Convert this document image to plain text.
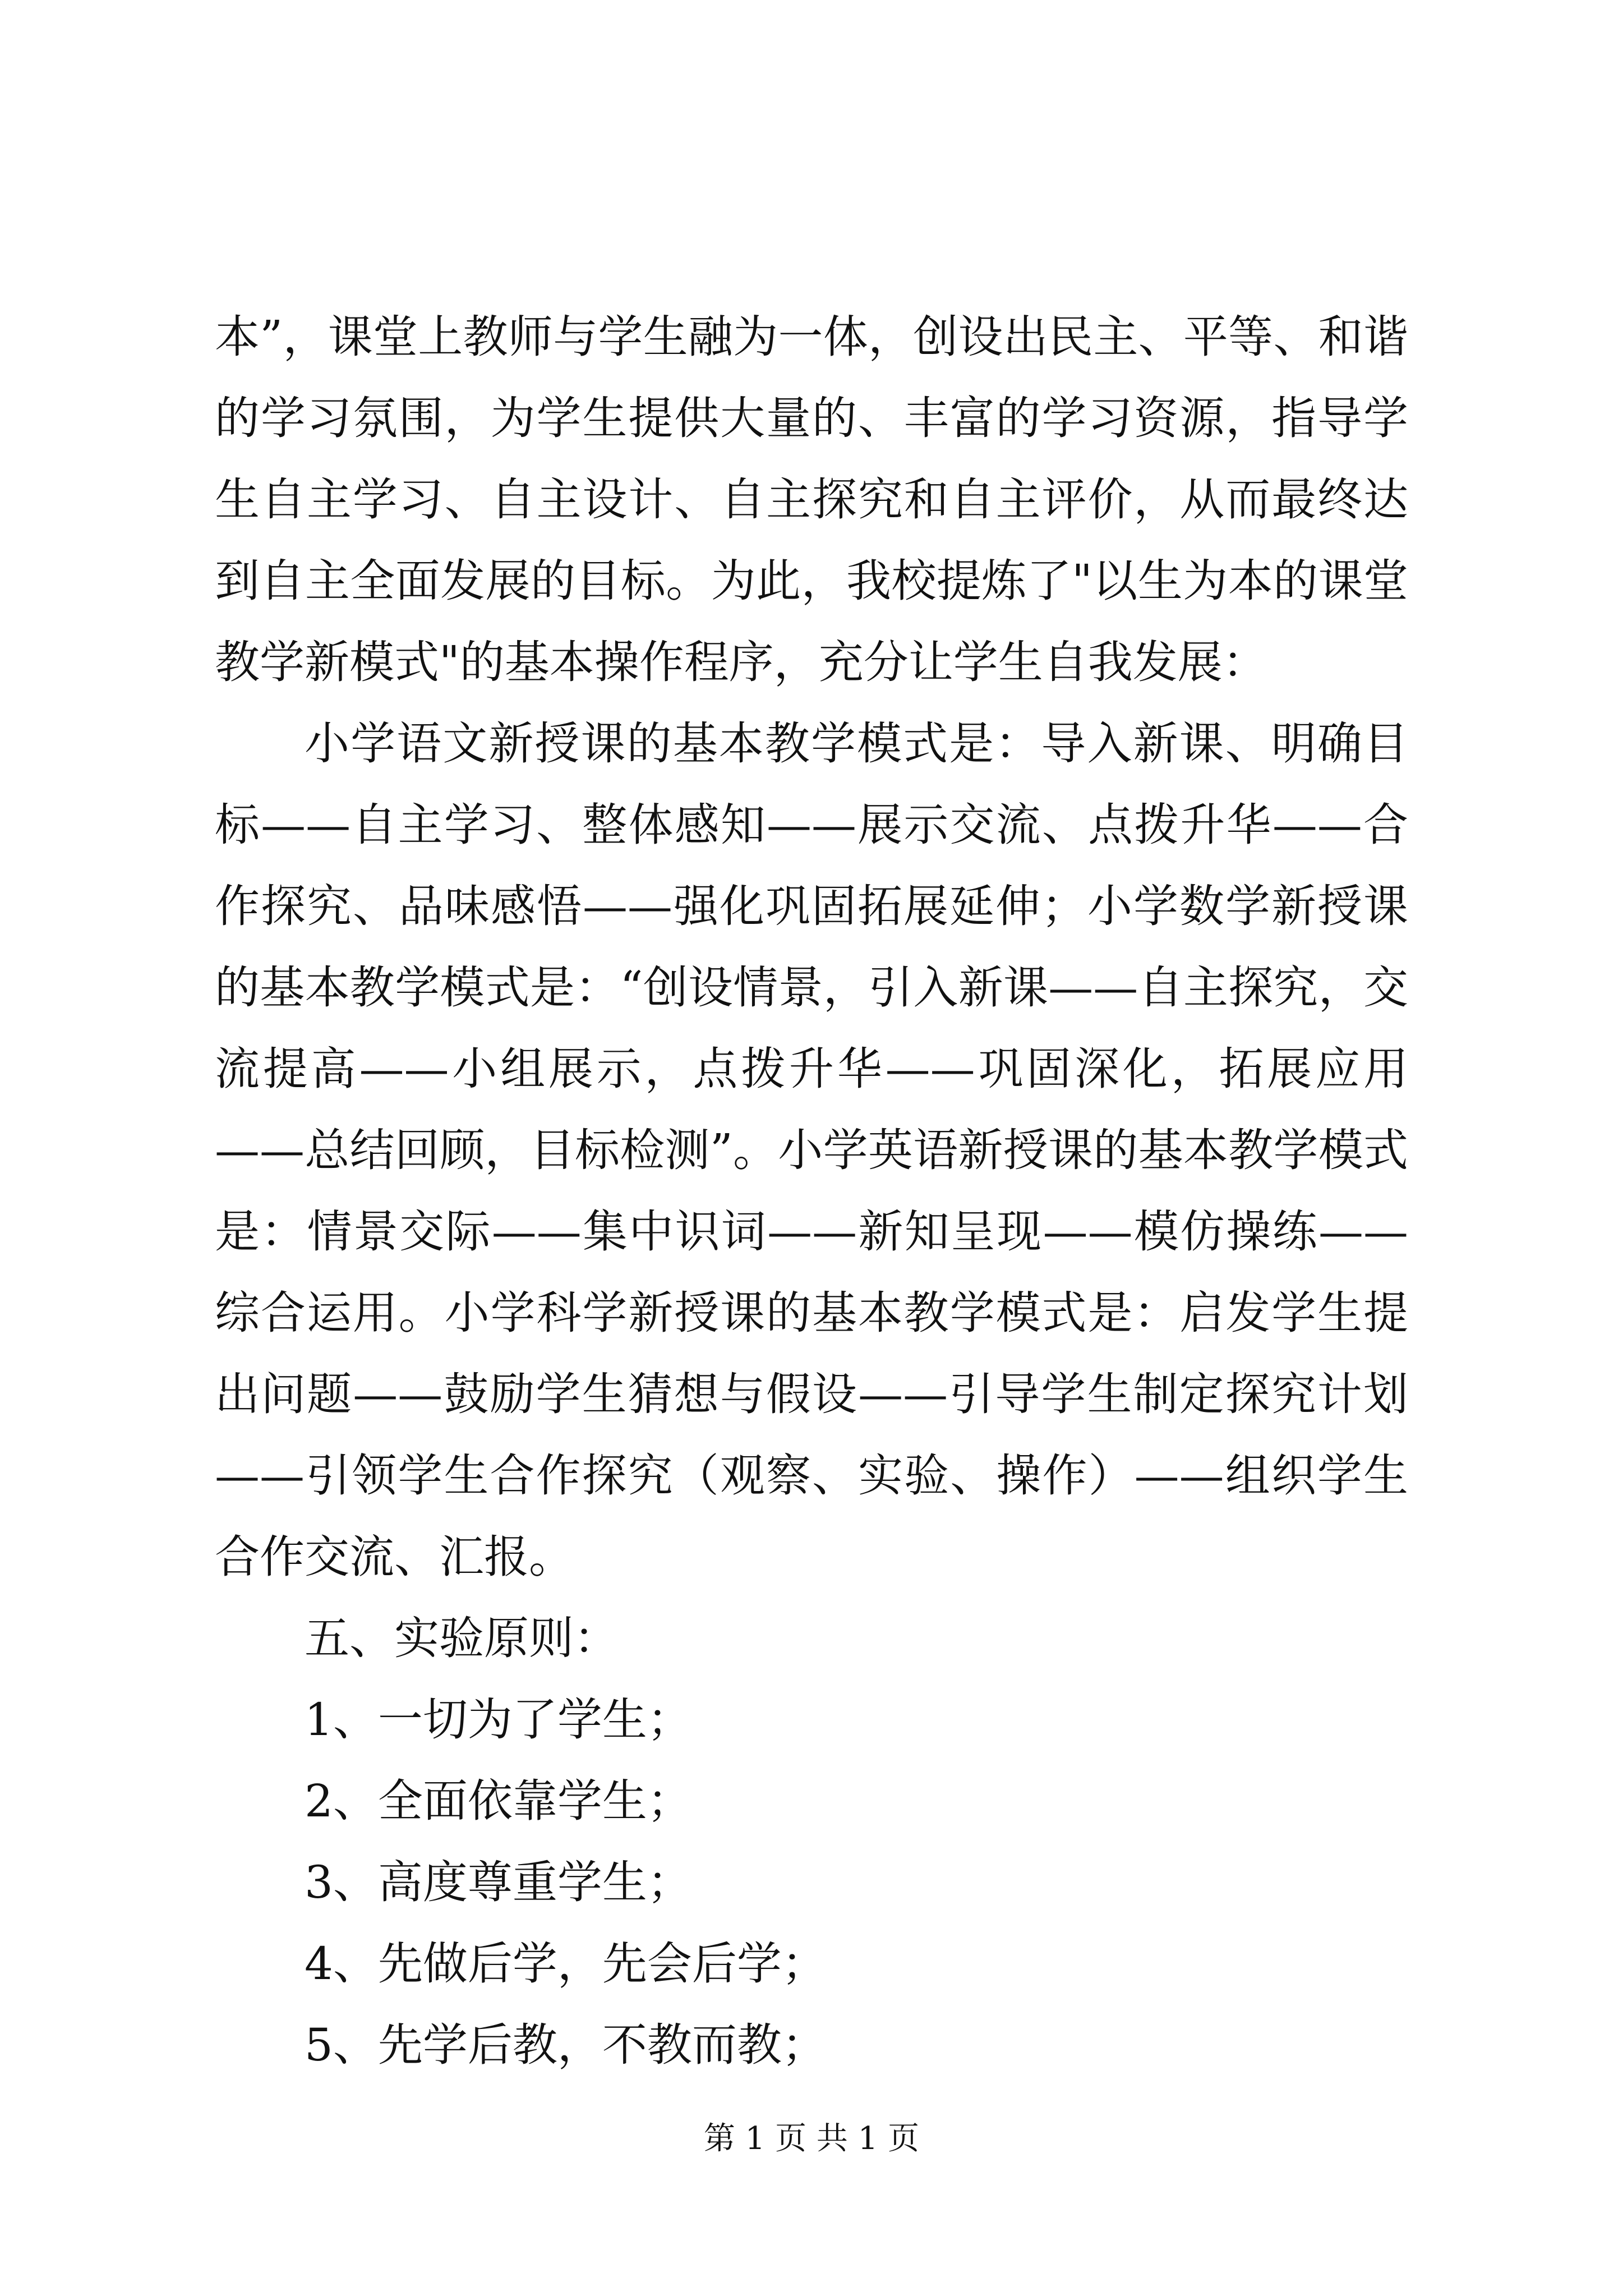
本”，课堂上教师与学生融为一体，创设出民主、平等、和谐的学习氛围，为学生提供大量的、丰富的学习资源，指导学生自主学习、自主设计、自主探究和自主评价，从而最终达到自主全面发展的目标。为此，我校提炼了"以生为本的课堂教学新模式"的基本操作程序，充分让学生自我发展：

小学语文新授课的基本教学模式是：导入新课、明确目标——自主学习、整体感知——展示交流、点拨升华——合作探究、品味感悟——强化巩固拓展延伸；小学数学新授课的基本教学模式是：“创设情景，引入新课——自主探究，交流提高——小组展示，点拨升华——巩固深化，拓展应用——总结回顾，目标检测”。小学英语新授课的基本教学模式是：情景交际——集中识词——新知呈现——模仿操练——综合运用。小学科学新授课的基本教学模式是：启发学生提出问题——鼓励学生猜想与假设——引导学生制定探究计划——引领学生合作探究（观察、实验、操作）——组织学生合作交流、汇报。

五、实验原则：

1、一切为了学生；

2、全面依靠学生；

3、高度尊重学生；

4、先做后学，先会后学；

5、先学后教，不教而教；

第 1 页 共 1 页
